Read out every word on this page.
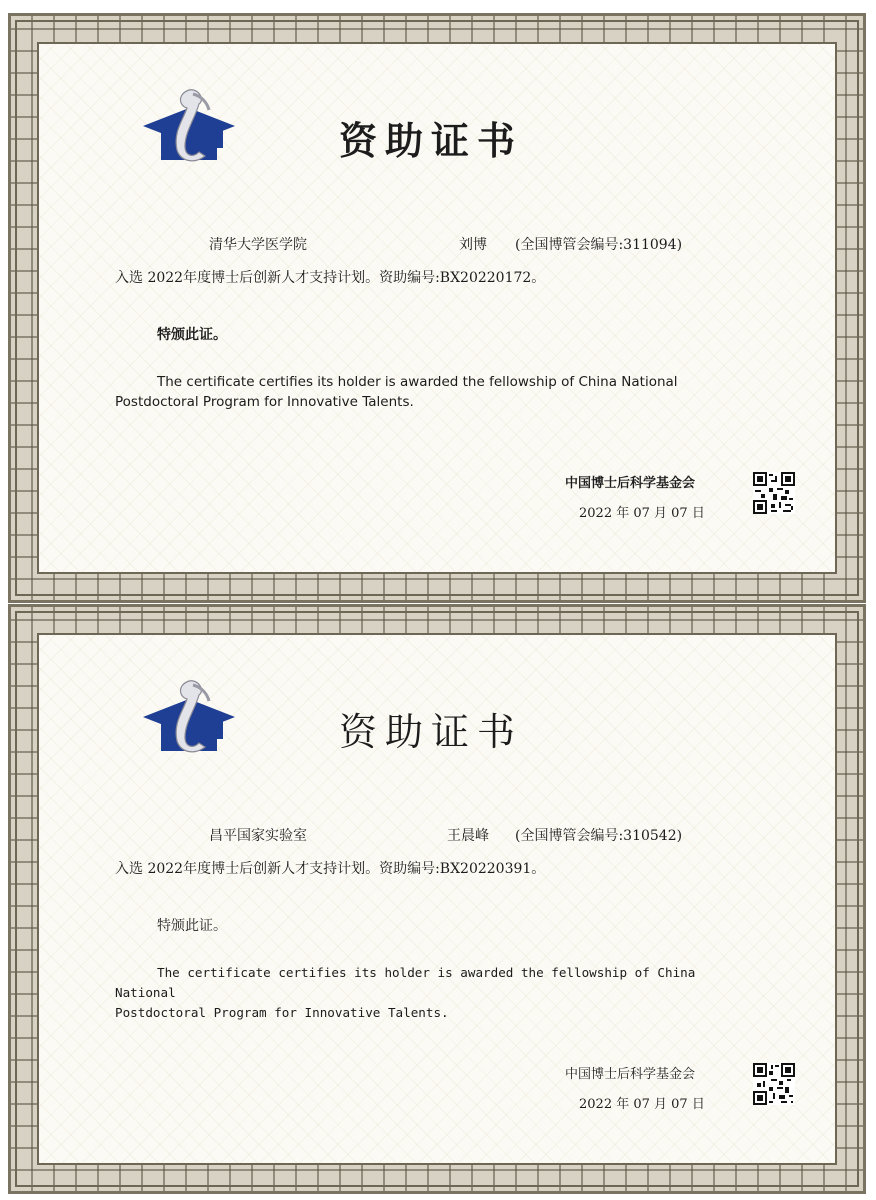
资助证书
清华大学医学院	刘博 (全国博管会编号:311094)
入选 2022年度博士后创新人才支持计划。资助编号:BX20220172。
特颁此证。
The certificate certifies its holder is awarded the fellowship of China National
Postdoctoral Program for Innovative Talents.
中国博士后科学基金会
2022 年 07 月 07 日
资助证书
昌平国家实验室	王晨峰 (全国博管会编号:310542)
入选 2022年度博士后创新人才支持计划。资助编号:BX20220391。
特颁此证。
The certificate certifies its holder is awarded the fellowship of China National
Postdoctoral Program for Innovative Talents.
中国博士后科学基金会
2022 年 07 月 07 日
